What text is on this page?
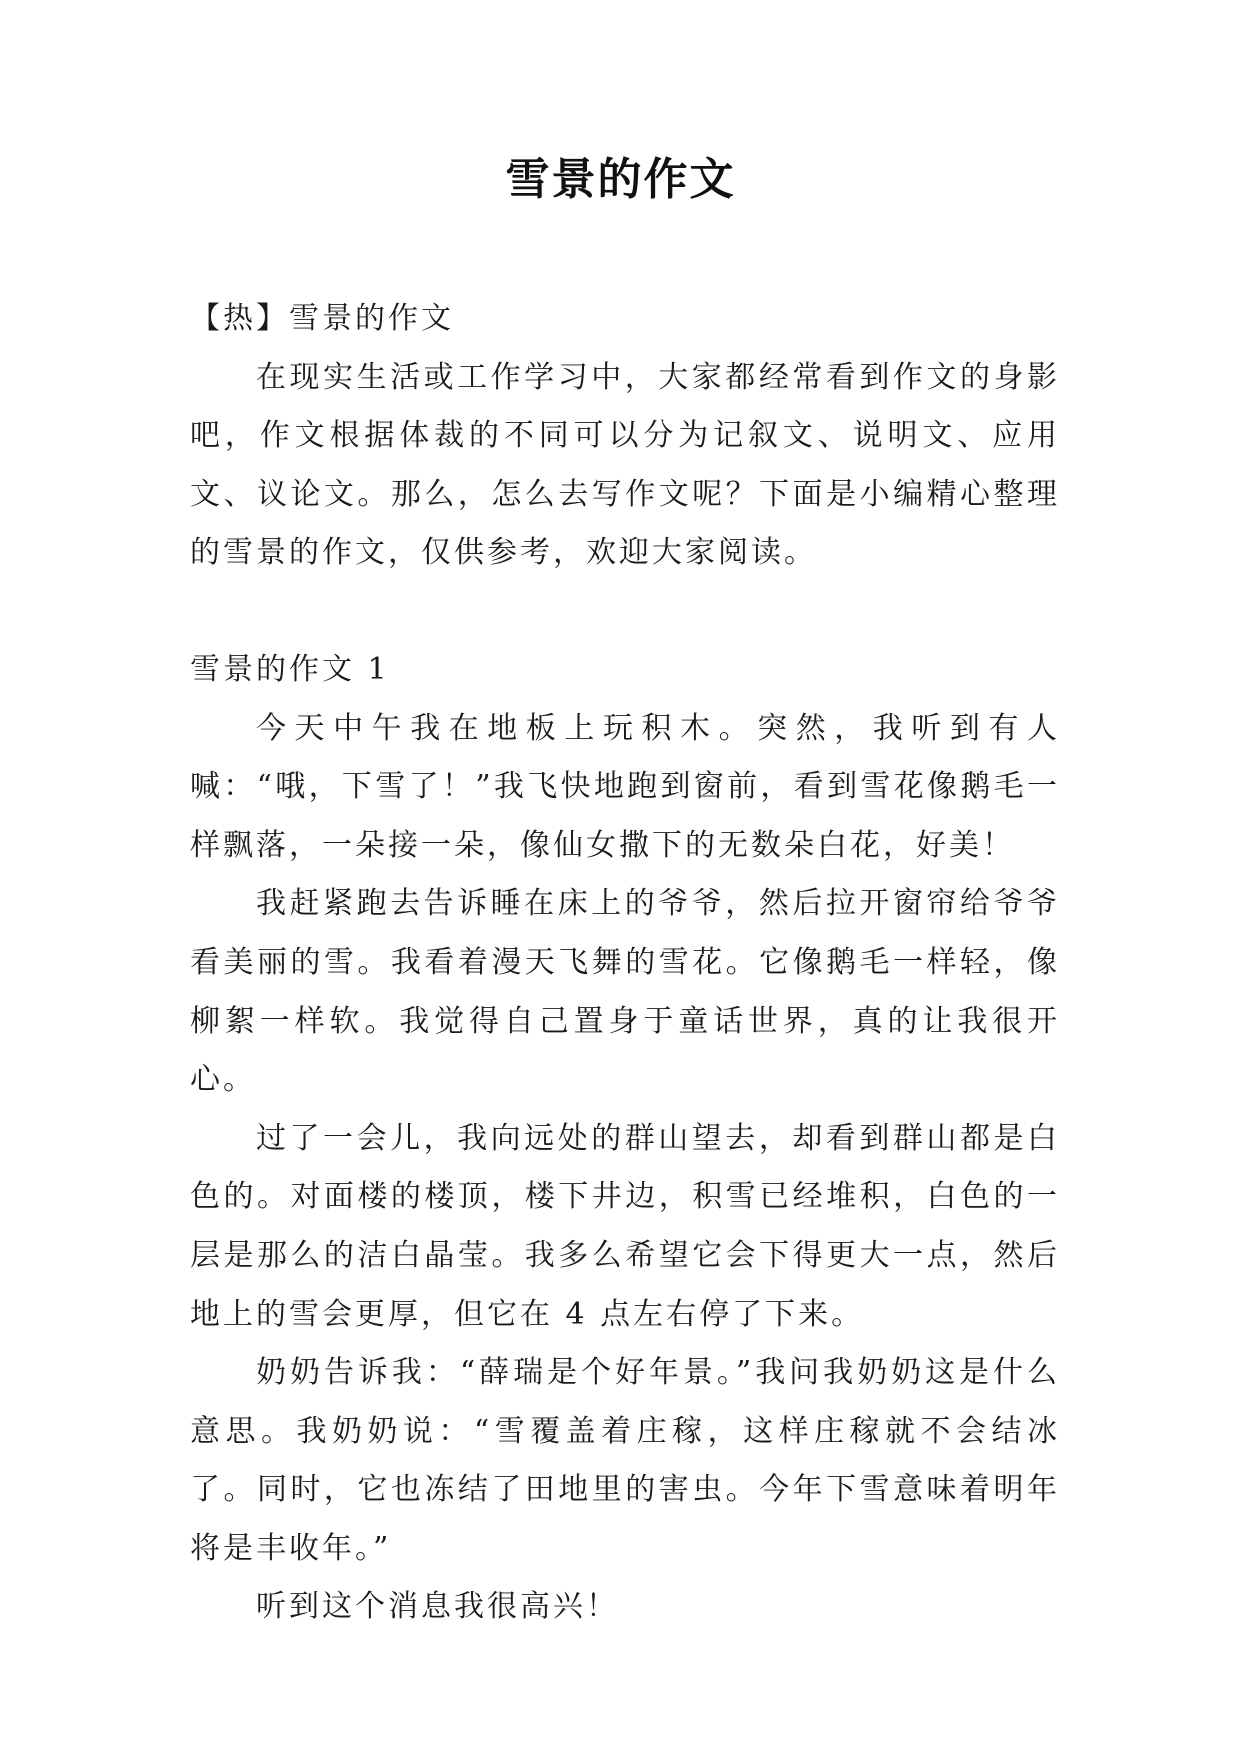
雪景的作文

【热】雪景的作文

在现实生活或工作学习中，大家都经常看到作文的身影吧，作文根据体裁的不同可以分为记叙文、说明文、应用文、议论文。那么，怎么去写作文呢？下面是小编精心整理的雪景的作文，仅供参考，欢迎大家阅读。

雪景的作文 1

今天中午我在地板上玩积木。突然，我听到有人喊：“哦，下雪了！”我飞快地跑到窗前，看到雪花像鹅毛一样飘落，一朵接一朵，像仙女撒下的无数朵白花，好美！

我赶紧跑去告诉睡在床上的爷爷，然后拉开窗帘给爷爷看美丽的雪。我看着漫天飞舞的雪花。它像鹅毛一样轻，像柳絮一样软。我觉得自己置身于童话世界，真的让我很开心。

过了一会儿，我向远处的群山望去，却看到群山都是白色的。对面楼的楼顶，楼下井边，积雪已经堆积，白色的一层是那么的洁白晶莹。我多么希望它会下得更大一点，然后地上的雪会更厚，但它在 4 点左右停了下来。

奶奶告诉我：“薛瑞是个好年景。”我问我奶奶这是什么意思。我奶奶说：“雪覆盖着庄稼，这样庄稼就不会结冰了。同时，它也冻结了田地里的害虫。今年下雪意味着明年将是丰收年。”

听到这个消息我很高兴！
